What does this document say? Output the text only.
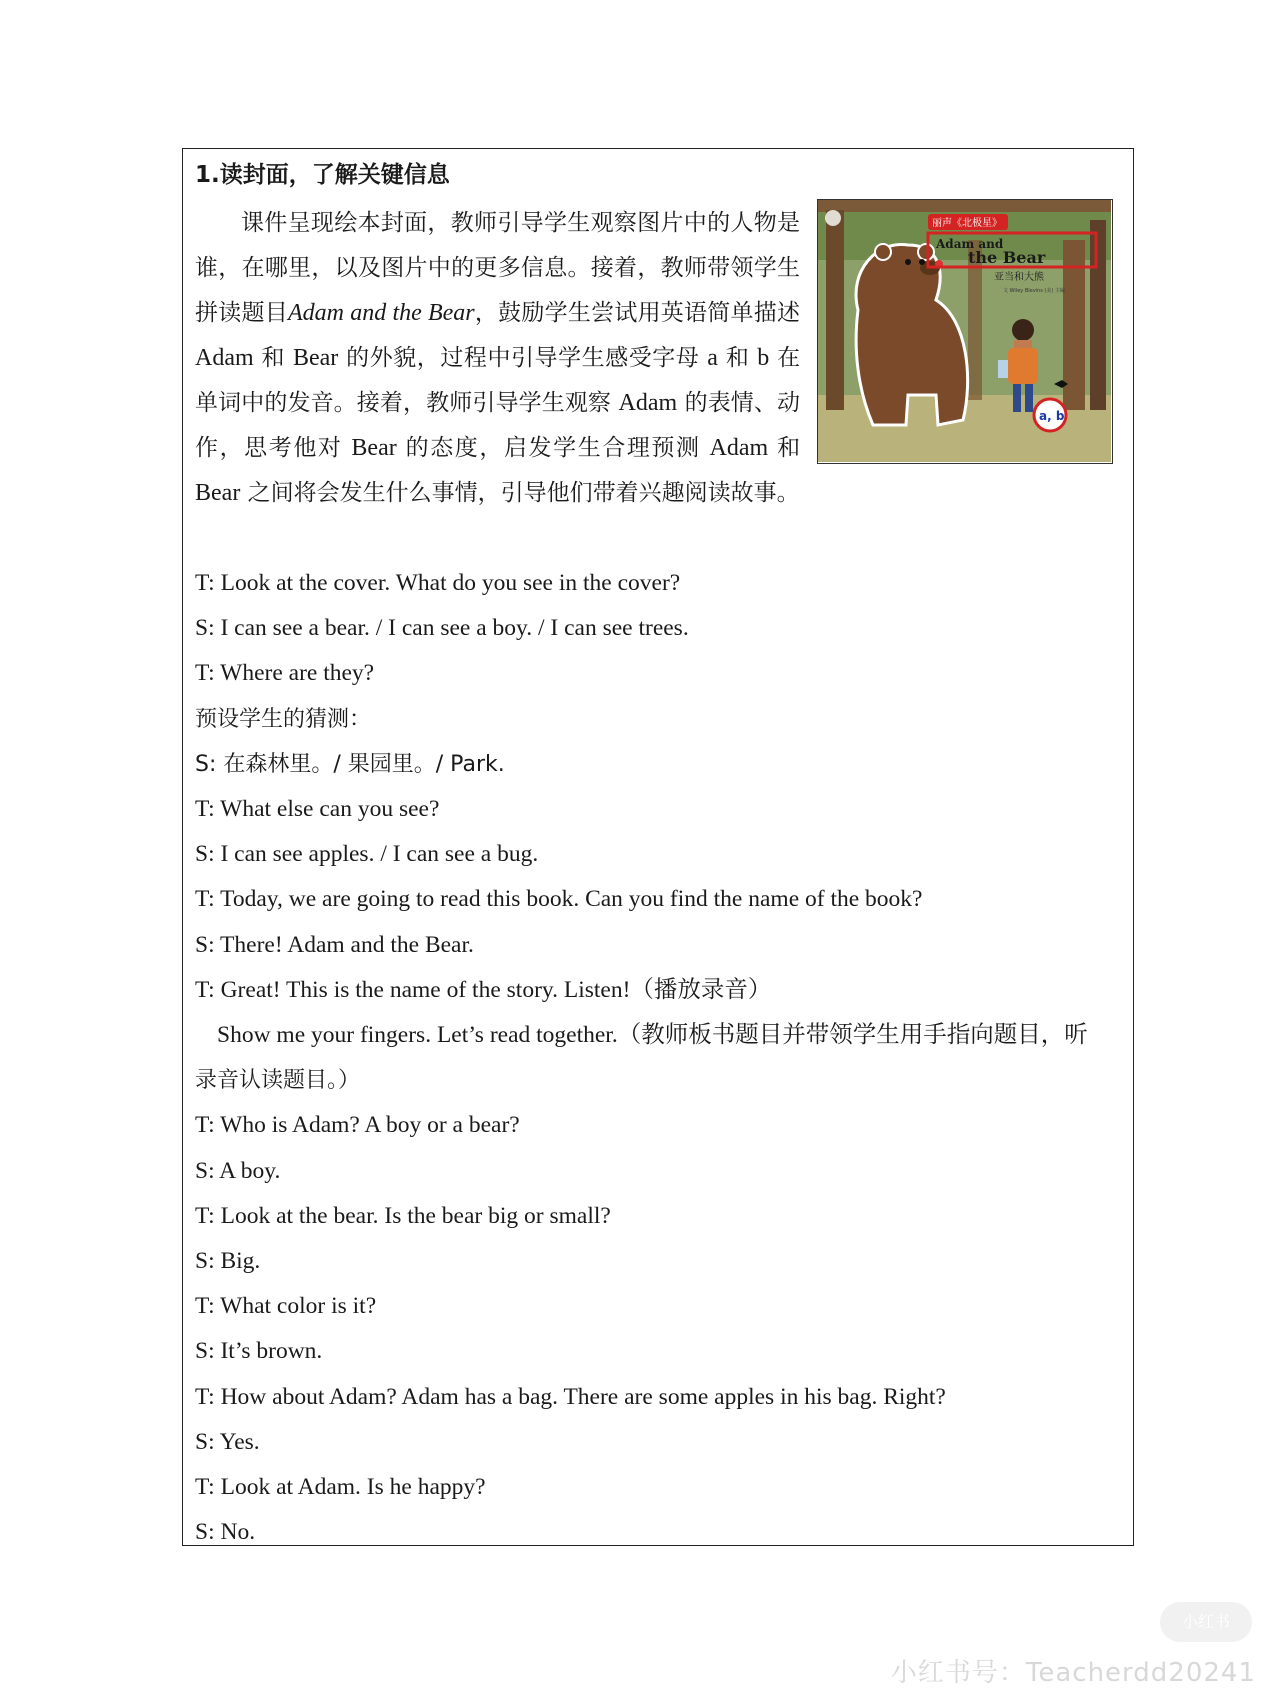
1.读封面，了解关键信息
课件呈现绘本封面，教师引导学生观察图片中的人物是谁，在哪里，以及图片中的更多信息。接着，教师带领学生拼读题目Adam and the Bear，鼓励学生尝试用英语简单描述 Adam 和 Bear 的外貌，过程中引导学生感受字母 a 和 b 在单词中的发音。接着，教师引导学生观察 Adam 的表情、动作，思考他对 Bear 的态度，启发学生合理预测 Adam 和 Bear 之间将会发生什么事情，引导他们带着兴趣阅读故事。
丽声《北极星》
Adam and
the Bear
亚当和大熊
文 Wiley Blevins (美) 主编
a, b
T: Look at the cover. What do you see in the cover?
S: I can see a bear. / I can see a boy. / I can see trees.
T: Where are they?
预设学生的猜测：
S: 在森林里。/ 果园里。/ Park.
T: What else can you see?
S: I can see apples. / I can see a bug.
T: Today, we are going to read this book. Can you find the name of the book?
S: There! Adam and the Bear.
T: Great! This is the name of the story. Listen!（播放录音）
Show me your fingers. Let’s read together.（教师板书题目并带领学生用手指向题目，听
录音认读题目。）
T: Who is Adam? A boy or a bear?
S: A boy.
T: Look at the bear. Is the bear big or small?
S: Big.
T: What color is it?
S: It’s brown.
T: How about Adam? Adam has a bag. There are some apples in his bag. Right?
S: Yes.
T: Look at Adam. Is he happy?
S: No.
小红书
小红书号：Teacherdd20241
